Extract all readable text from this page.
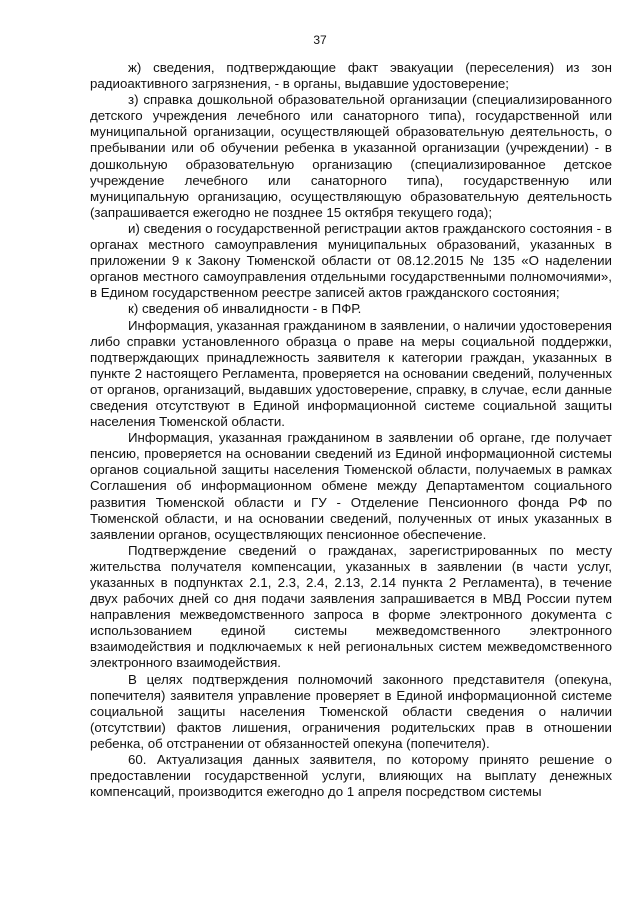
37

ж) сведения, подтверждающие факт эвакуации (переселения) из зон радиоактивного загрязнения, - в органы, выдавшие удостоверение;

з) справка дошкольной образовательной организации (специализированного детского учреждения лечебного или санаторного типа), государственной или муниципальной организации, осуществляющей образовательную деятельность, о пребывании или об обучении ребенка в указанной организации (учреждении) - в дошкольную образовательную организацию (специализированное детское учреждение лечебного или санаторного типа), государственную или муниципальную организацию, осуществляющую образовательную деятельность (запрашивается ежегодно не позднее 15 октября текущего года);

и) сведения о государственной регистрации актов гражданского состояния - в органах местного самоуправления муниципальных образований, указанных в приложении 9 к Закону Тюменской области от 08.12.2015 № 135 «О наделении органов местного самоуправления отдельными государственными полномочиями», в Едином государственном реестре записей актов гражданского состояния;

к) сведения об инвалидности - в ПФР.

Информация, указанная гражданином в заявлении, о наличии удостоверения либо справки установленного образца о праве на меры социальной поддержки, подтверждающих принадлежность заявителя к категории граждан, указанных в пункте 2 настоящего Регламента, проверяется на основании сведений, полученных от органов, организаций, выдавших удостоверение, справку, в случае, если данные сведения отсутствуют в Единой информационной системе социальной защиты населения Тюменской области.

Информация, указанная гражданином в заявлении об органе, где получает пенсию, проверяется на основании сведений из Единой информационной системы органов социальной защиты населения Тюменской области, получаемых в рамках Соглашения об информационном обмене между Департаментом социального развития Тюменской области и ГУ - Отделение Пенсионного фонда РФ по Тюменской области, и на основании сведений, полученных от иных указанных в заявлении органов, осуществляющих пенсионное обеспечение.

Подтверждение сведений о гражданах, зарегистрированных по месту жительства получателя компенсации, указанных в заявлении (в части услуг, указанных в подпунктах 2.1, 2.3, 2.4, 2.13, 2.14 пункта 2 Регламента), в течение двух рабочих дней со дня подачи заявления запрашивается в МВД России путем направления межведомственного запроса в форме электронного документа с использованием единой системы межведомственного электронного взаимодействия и подключаемых к ней региональных систем межведомственного электронного взаимодействия.

В целях подтверждения полномочий законного представителя (опекуна, попечителя) заявителя управление проверяет в Единой информационной системе социальной защиты населения Тюменской области сведения о наличии (отсутствии) фактов лишения, ограничения родительских прав в отношении ребенка, об отстранении от обязанностей опекуна (попечителя).

60. Актуализация данных заявителя, по которому принято решение о предоставлении государственной услуги, влияющих на выплату денежных компенсаций, производится ежегодно до 1 апреля посредством системы
